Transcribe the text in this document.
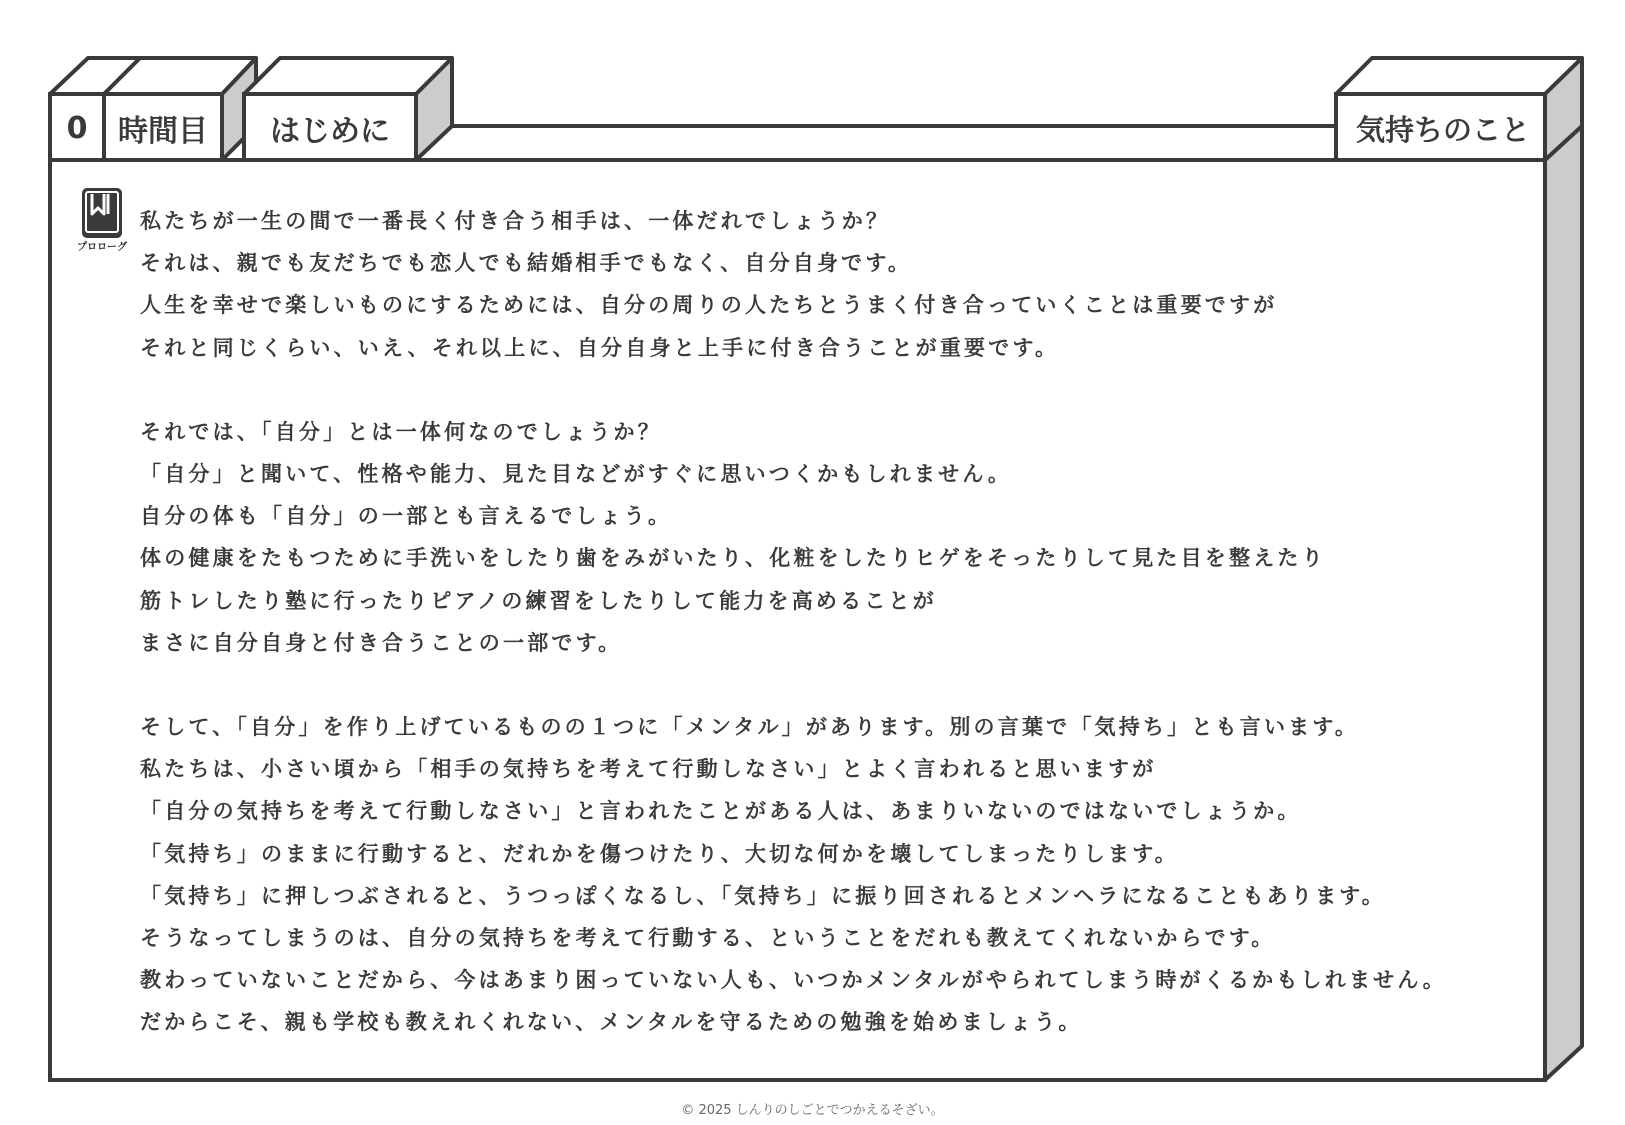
0	時間目	はじめに	気持ちのこと
プロローグ
私たちが一生の間で一番長く付き合う相手は、一体だれでしょうか？
それは、親でも友だちでも恋人でも結婚相手でもなく、自分自身です。
人生を幸せで楽しいものにするためには、自分の周りの人たちとうまく付き合っていくことは重要ですが
それと同じくらい、いえ、それ以上に、自分自身と上手に付き合うことが重要です。
それでは、「自分」とは一体何なのでしょうか？
「自分」と聞いて、性格や能力、見た目などがすぐに思いつくかもしれません。
自分の体も「自分」の一部とも言えるでしょう。
体の健康をたもつために手洗いをしたり歯をみがいたり、化粧をしたりヒゲをそったりして見た目を整えたり
筋トレしたり塾に行ったりピアノの練習をしたりして能力を高めることが
まさに自分自身と付き合うことの一部です。
そして、「自分」を作り上げているものの１つに「メンタル」があります。別の言葉で「気持ち」とも言います。
私たちは、小さい頃から「相手の気持ちを考えて行動しなさい」とよく言われると思いますが
「自分の気持ちを考えて行動しなさい」と言われたことがある人は、あまりいないのではないでしょうか。
「気持ち」のままに行動すると、だれかを傷つけたり、大切な何かを壊してしまったりします。
「気持ち」に押しつぶされると、うつっぽくなるし、「気持ち」に振り回されるとメンヘラになることもあります。
そうなってしまうのは、自分の気持ちを考えて行動する、ということをだれも教えてくれないからです。
教わっていないことだから、今はあまり困っていない人も、いつかメンタルがやられてしまう時がくるかもしれません。
だからこそ、親も学校も教えれくれない、メンタルを守るための勉強を始めましょう。
© 2025 しんりのしごとでつかえるそざい。
